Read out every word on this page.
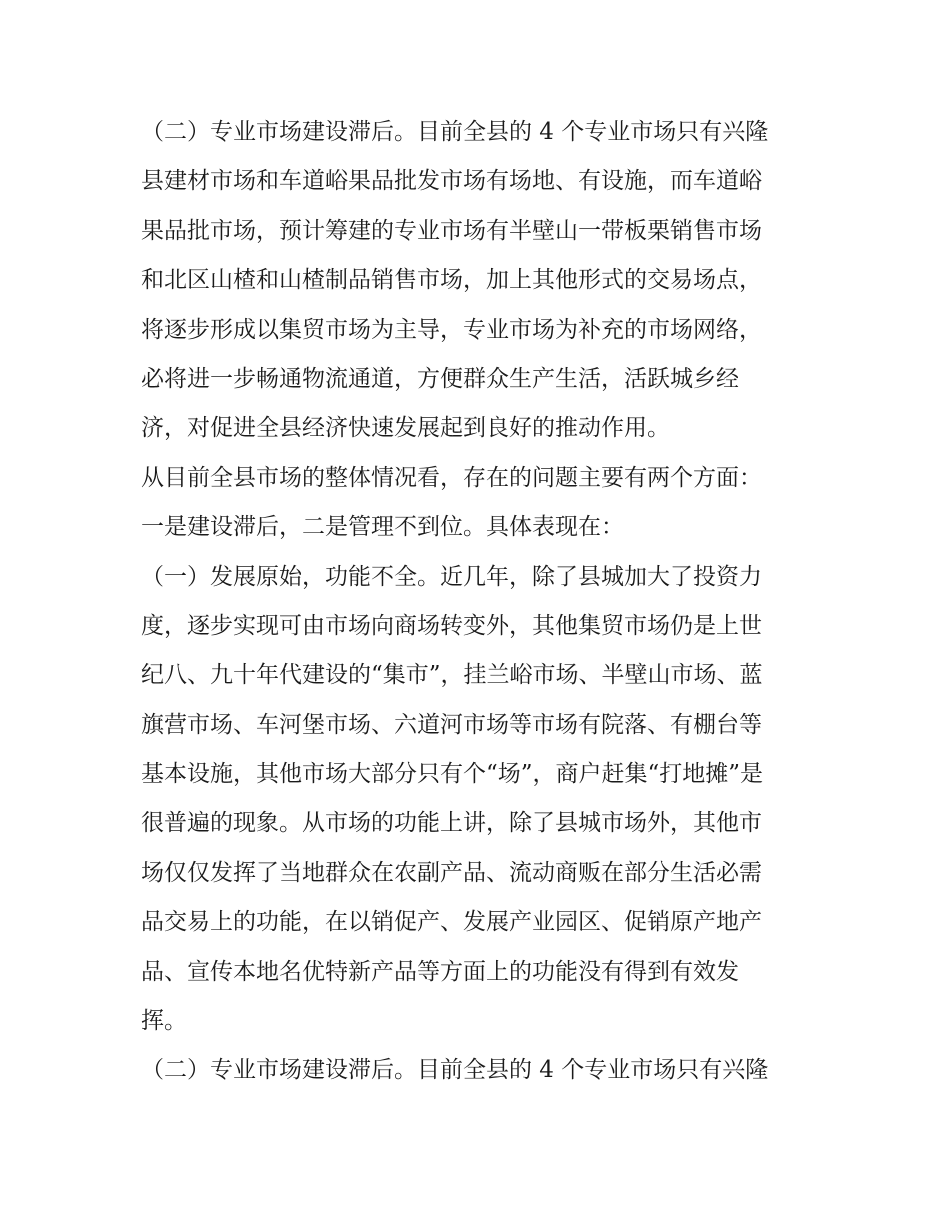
（二）专业市场建设滞后。目前全县的 4 个专业市场只有兴隆
县建材市场和车道峪果品批发市场有场地、有设施，而车道峪
果品批市场，预计筹建的专业市场有半壁山一带板栗销售市场
和北区山楂和山楂制品销售市场，加上其他形式的交易场点，
将逐步形成以集贸市场为主导，专业市场为补充的市场网络，
必将进一步畅通物流通道，方便群众生产生活，活跃城乡经
济，对促进全县经济快速发展起到良好的推动作用。
从目前全县市场的整体情况看，存在的问题主要有两个方面：
一是建设滞后，二是管理不到位。具体表现在：
（一）发展原始，功能不全。近几年，除了县城加大了投资力
度，逐步实现可由市场向商场转变外，其他集贸市场仍是上世
纪八、九十年代建设的“集市”，挂兰峪市场、半壁山市场、蓝
旗营市场、车河堡市场、六道河市场等市场有院落、有棚台等
基本设施，其他市场大部分只有个“场”，商户赶集“打地摊”是
很普遍的现象。从市场的功能上讲，除了县城市场外，其他市
场仅仅发挥了当地群众在农副产品、流动商贩在部分生活必需
品交易上的功能，在以销促产、发展产业园区、促销原产地产
品、宣传本地名优特新产品等方面上的功能没有得到有效发
挥。
（二）专业市场建设滞后。目前全县的 4 个专业市场只有兴隆
